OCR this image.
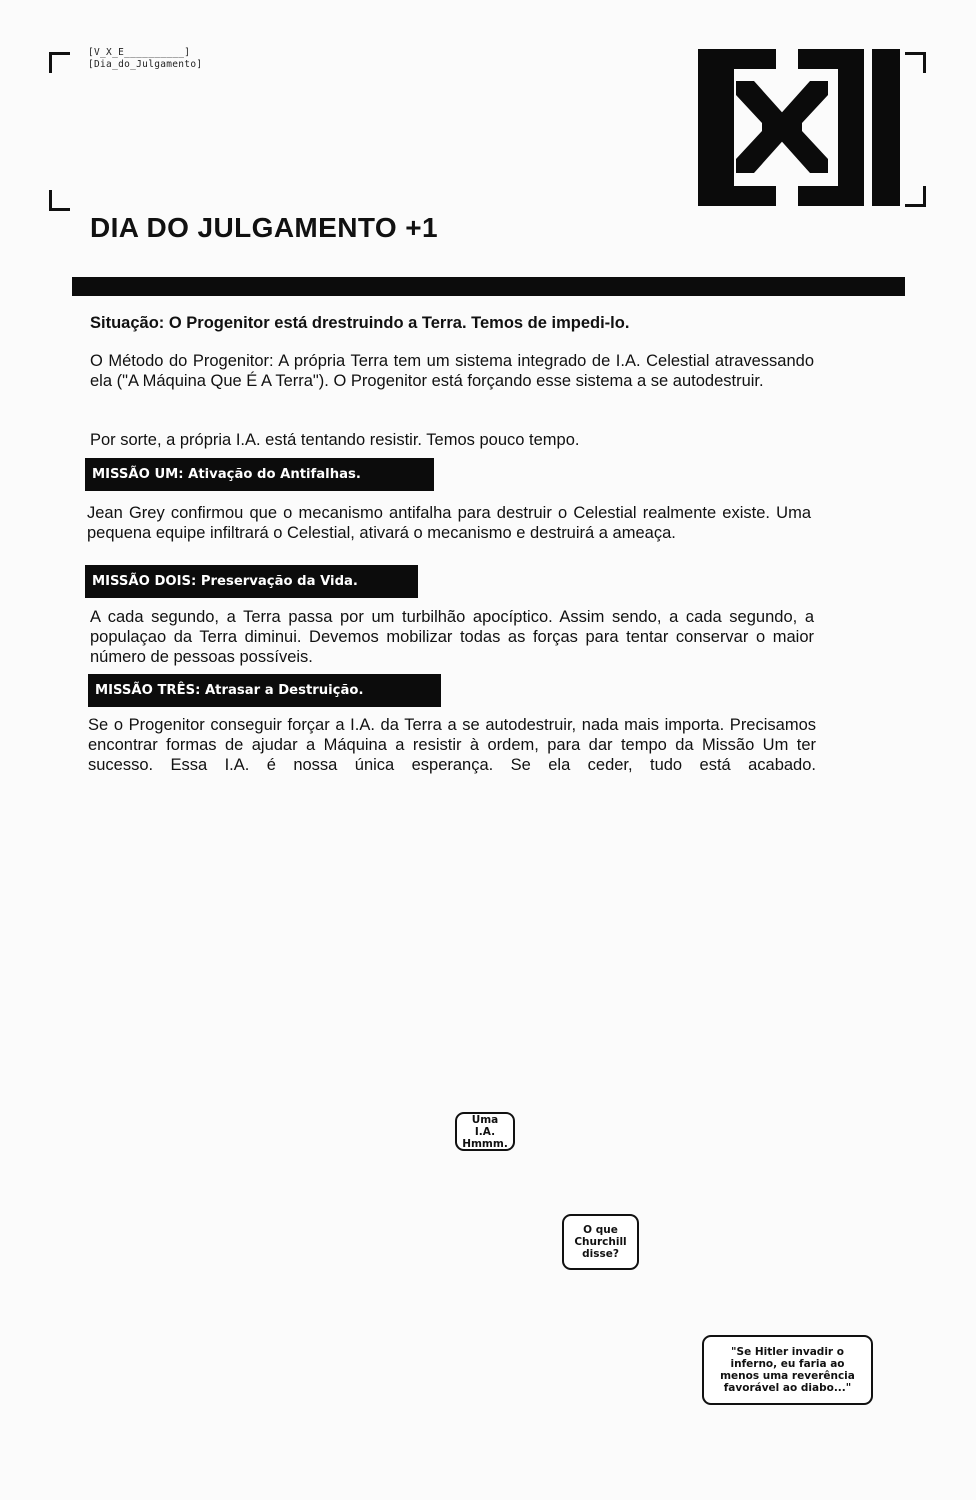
[V_X_E__________]
[Dia_do_Julgamento]
DIA DO JULGAMENTO +1

Situação: O Progenitor está drestruindo a Terra. Temos de impedi-lo.

O Método do Progenitor: A própria Terra tem um sistema integrado de I.A. Celestial atravessando ela ("A Máquina Que É A Terra"). O Progenitor está forçando esse sistema a se autodestruir.

Por sorte, a própria I.A. está tentando resistir. Temos pouco tempo.

MISSÃO UM: Ativação do Antifalhas.

Jean Grey confirmou que o mecanismo antifalha para destruir o Celestial realmente existe. Uma pequena equipe infiltrará o Celestial, ativará o mecanismo e destruirá a ameaça.

MISSÃO DOIS: Preservação da Vida.

A cada segundo, a Terra passa por um turbilhão apocíptico. Assim sendo, a cada segundo, a populaçao da Terra diminui. Devemos mobilizar todas as forças para tentar conservar o maior número de pessoas possíveis.

MISSÃO TRÊS: Atrasar a Destruição.

Se o Progenitor conseguir forçar a I.A. da Terra a se autodestruir, nada mais importa. Precisamos encontrar formas de ajudar a Máquina a resistir à ordem, para dar tempo da Missão Um ter sucesso. Essa I.A. é nossa única esperança. Se ela ceder, tudo está acabado.

Uma I.A. Hmmm.
O que Churchill disse?
"Se Hitler invadir o inferno, eu faria ao menos uma reverência favorável ao diabo..."
